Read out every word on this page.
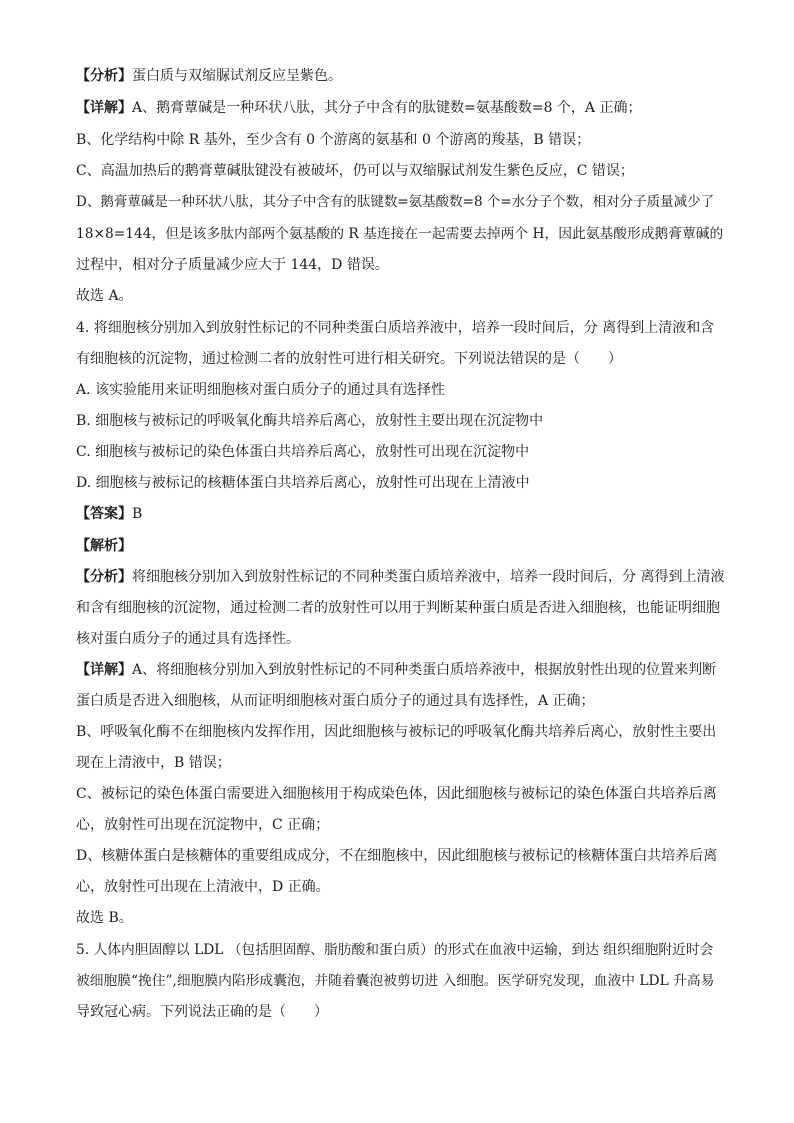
【分析】蛋白质与双缩脲试剂反应呈紫色。
【详解】A、鹅膏蕈碱是一种环状八肽，其分子中含有的肽键数=氨基酸数=8 个，A 正确；
B、化学结构中除 R 基外，至少含有 0 个游离的氨基和 0 个游离的羧基，B 错误；
C、高温加热后的鹅膏蕈碱肽键没有被破坏，仍可以与双缩脲试剂发生紫色反应，C 错误；
D、鹅膏蕈碱是一种环状八肽，其分子中含有的肽键数=氨基酸数=8 个=水分子个数，相对分子质量减少了
18×8=144，但是该多肽内部两个氨基酸的 R 基连接在一起需要去掉两个 H，因此氨基酸形成鹅膏蕈碱的
过程中，相对分子质量减少应大于 144，D 错误。
故选 A。
4. 将细胞核分别加入到放射性标记的不同种类蛋白质培养液中，培养一段时间后，分 离得到上清液和含
有细胞核的沉淀物，通过检测二者的放射性可进行相关研究。下列说法错误的是（　　）
A. 该实验能用来证明细胞核对蛋白质分子的通过具有选择性
B. 细胞核与被标记的呼吸氧化酶共培养后离心，放射性主要出现在沉淀物中
C. 细胞核与被标记的染色体蛋白共培养后离心，放射性可出现在沉淀物中
D. 细胞核与被标记的核糖体蛋白共培养后离心，放射性可出现在上清液中
【答案】B
【解析】
【分析】将细胞核分别加入到放射性标记的不同种类蛋白质培养液中，培养一段时间后，分 离得到上清液
和含有细胞核的沉淀物，通过检测二者的放射性可以用于判断某种蛋白质是否进入细胞核，也能证明细胞
核对蛋白质分子的通过具有选择性。
【详解】A、将细胞核分别加入到放射性标记的不同种类蛋白质培养液中，根据放射性出现的位置来判断
蛋白质是否进入细胞核，从而证明细胞核对蛋白质分子的通过具有选择性，A 正确；
B、呼吸氧化酶不在细胞核内发挥作用，因此细胞核与被标记的呼吸氧化酶共培养后离心，放射性主要出
现在上清液中，B 错误；
C、被标记的染色体蛋白需要进入细胞核用于构成染色体，因此细胞核与被标记的染色体蛋白共培养后离
心，放射性可出现在沉淀物中，C 正确；
D、核糖体蛋白是核糖体的重要组成成分，不在细胞核中，因此细胞核与被标记的核糖体蛋白共培养后离
心，放射性可出现在上清液中，D 正确。
故选 B。
5. 人体内胆固醇以 LDL （包括胆固醇、脂肪酸和蛋白质）的形式在血液中运输，到达 组织细胞附近时会
被细胞膜“挽住”,细胞膜内陷形成囊泡，并随着囊泡被剪切进 入细胞。医学研究发现，血液中 LDL 升高易
导致冠心病。下列说法正确的是（　　）
